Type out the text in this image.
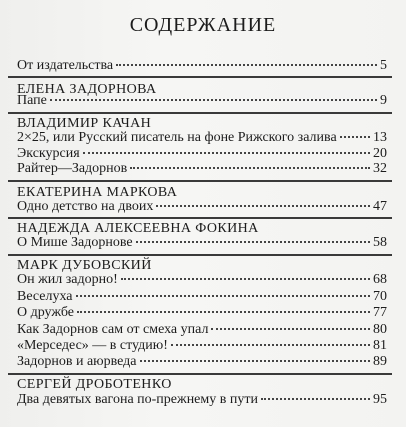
СОДЕРЖАНИЕ
От издательства	5
ЕЛЕНА ЗАДОРНОВА
Папе	9
ВЛАДИМИР КАЧАН
2×25, или Русский писатель на фоне Рижского залива	13
Экскурсия	20
Райтер—Задорнов	32
ЕКАТЕРИНА МАРКОВА
Одно детство на двоих	47
НАДЕЖДА АЛЕКСЕЕВНА ФОКИНА
О Мише Задорнове	58
МАРК ДУБОВСКИЙ
Он жил задорно!	68
Веселуха	70
О дружбе	77
Как Задорнов сам от смеха упал	80
«Мерседес» — в студию!	81
Задорнов и аюрведа	89
СЕРГЕЙ ДРОБОТЕНКО
Два девятых вагона по-прежнему в пути	95
